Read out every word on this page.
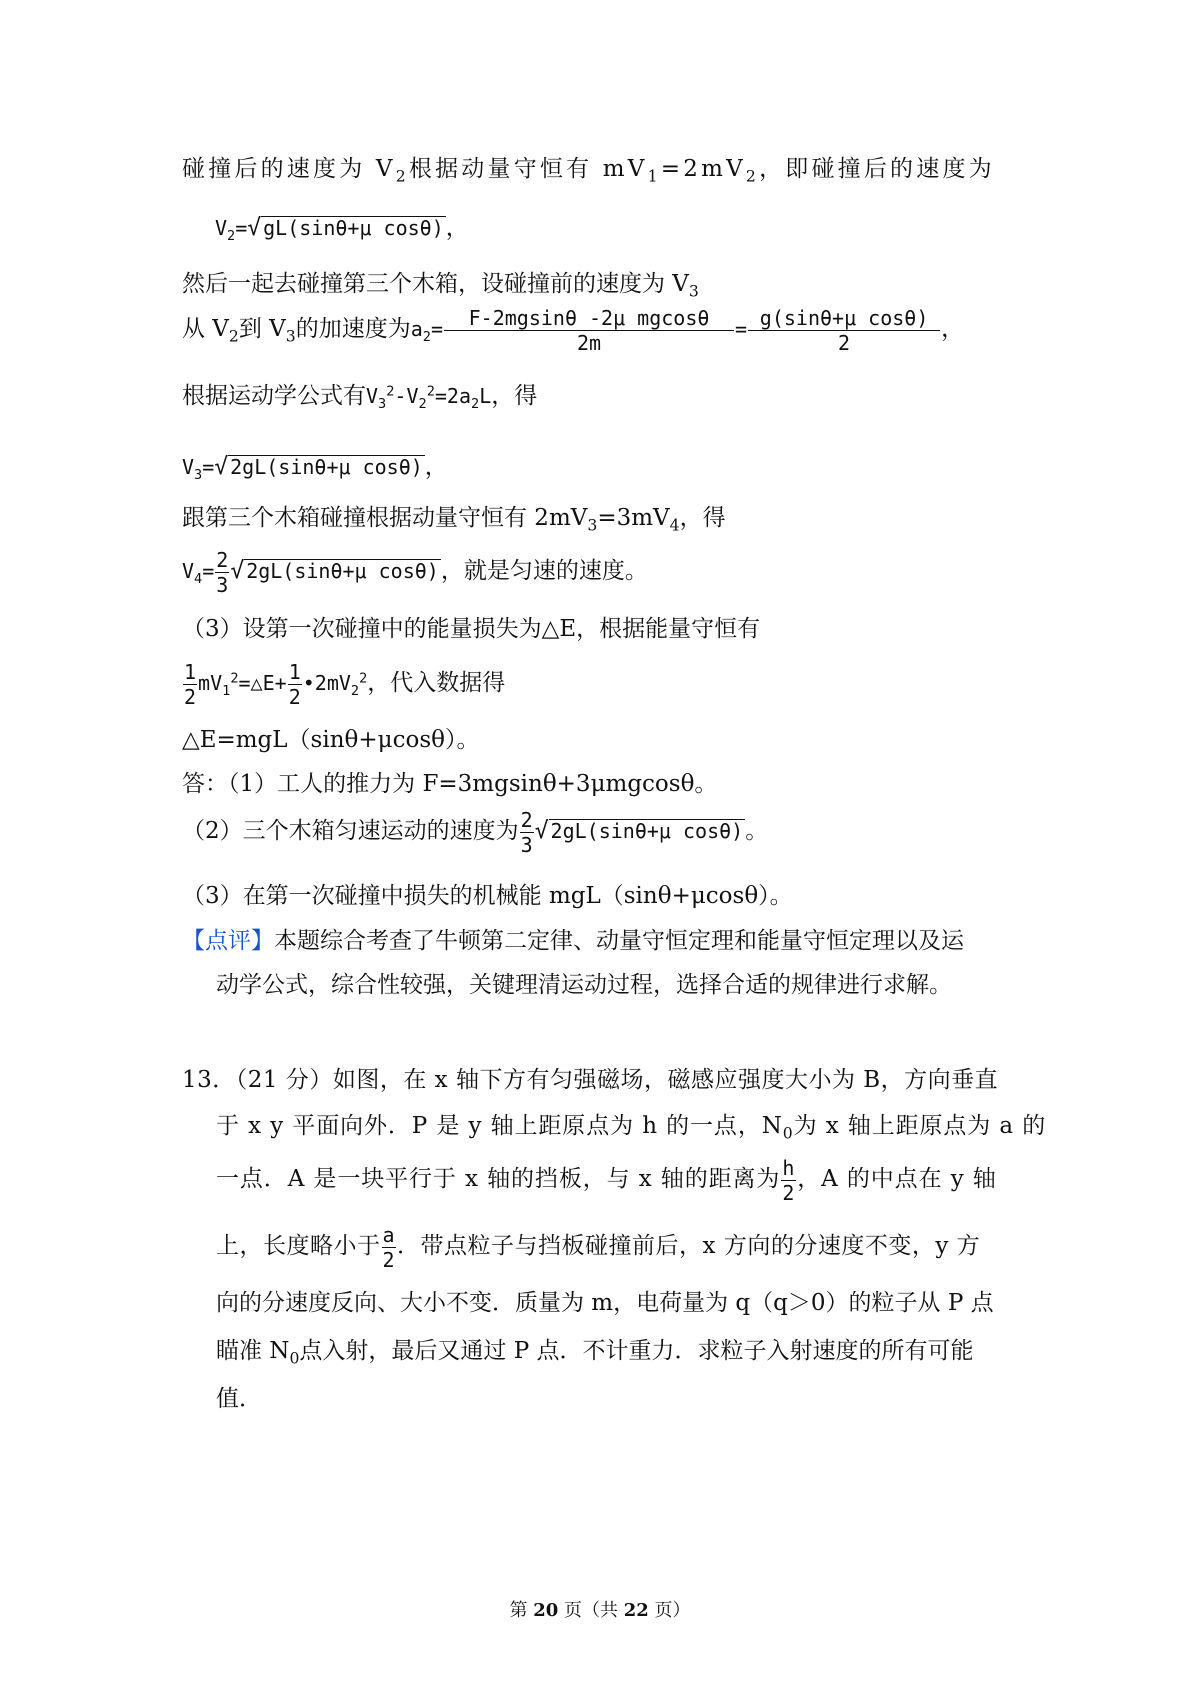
碰撞后的速度为 $V_2$根据动量守恒有 $mV_1=2mV_2$，即碰撞后的速度为
$V_2=√$ gL(sinθ+μ cosθ)，
然后一起去碰撞第三个木箱，设碰撞前的速度为 $V_3$
从 $V_2$到 $V_3$的加速度为$a_2= \frac{\text{F-2mgsinθ -2μ mgcosθ}}{2m} = \frac{\text{g(sinθ+μ cosθ)}}{2}$ ，
根据运动学公式有$V_3^2-V_2^2=2a_2L$，得
$V_3=√$ 2gL(sinθ+μ cosθ)，
跟第三个木箱碰撞根据动量守恒有 $2mV_3=3mV_4$，得
$V_4= \frac{2}{3}$ √ 2gL(sinθ+μ cosθ)，就是匀速的速度。
（3）设第一次碰撞中的能量损失为△E，根据能量守恒有
$\frac{1}{2}$ $mV_1^2=\triangle E+ \frac{1}{2}$ $•2mV_2^2$，代入数据得
△E=mgL（sinθ+μcosθ）。
答：（1）工人的推力为 F=3mgsinθ+3μmgcosθ。
（2）三个木箱匀速运动的速度为 $\frac{2}{3}$ √ 2gL(sinθ+μ cosθ)。
（3）在第一次碰撞中损失的机械能 mgL（sinθ+μcosθ）。
【点评】本题综合考查了牛顿第二定律、动量守恒定理和能量守恒定理以及运
动学公式，综合性较强，关键理清运动过程，选择合适的规律进行求解。
13．（21 分）如图，在 x 轴下方有匀强磁场，磁感应强度大小为 B，方向垂直
于 x y 平面向外．P 是 y 轴上距原点为 h 的一点，$N_0$为 x 轴上距原点为 a 的
一点．A 是一块平行于 x 轴的挡板，与 x 轴的距离为 $\frac{h}{2}$ ，A 的中点在 y 轴
上，长度略小于 $\frac{a}{2}$ ．带点粒子与挡板碰撞前后，x 方向的分速度不变，y 方
向的分速度反向、大小不变．质量为 m，电荷量为 q（q＞0）的粒子从 P 点
瞄准 $N_0$点入射，最后又通过 P 点．不计重力．求粒子入射速度的所有可能
值．
第 20 页（共 22 页）
